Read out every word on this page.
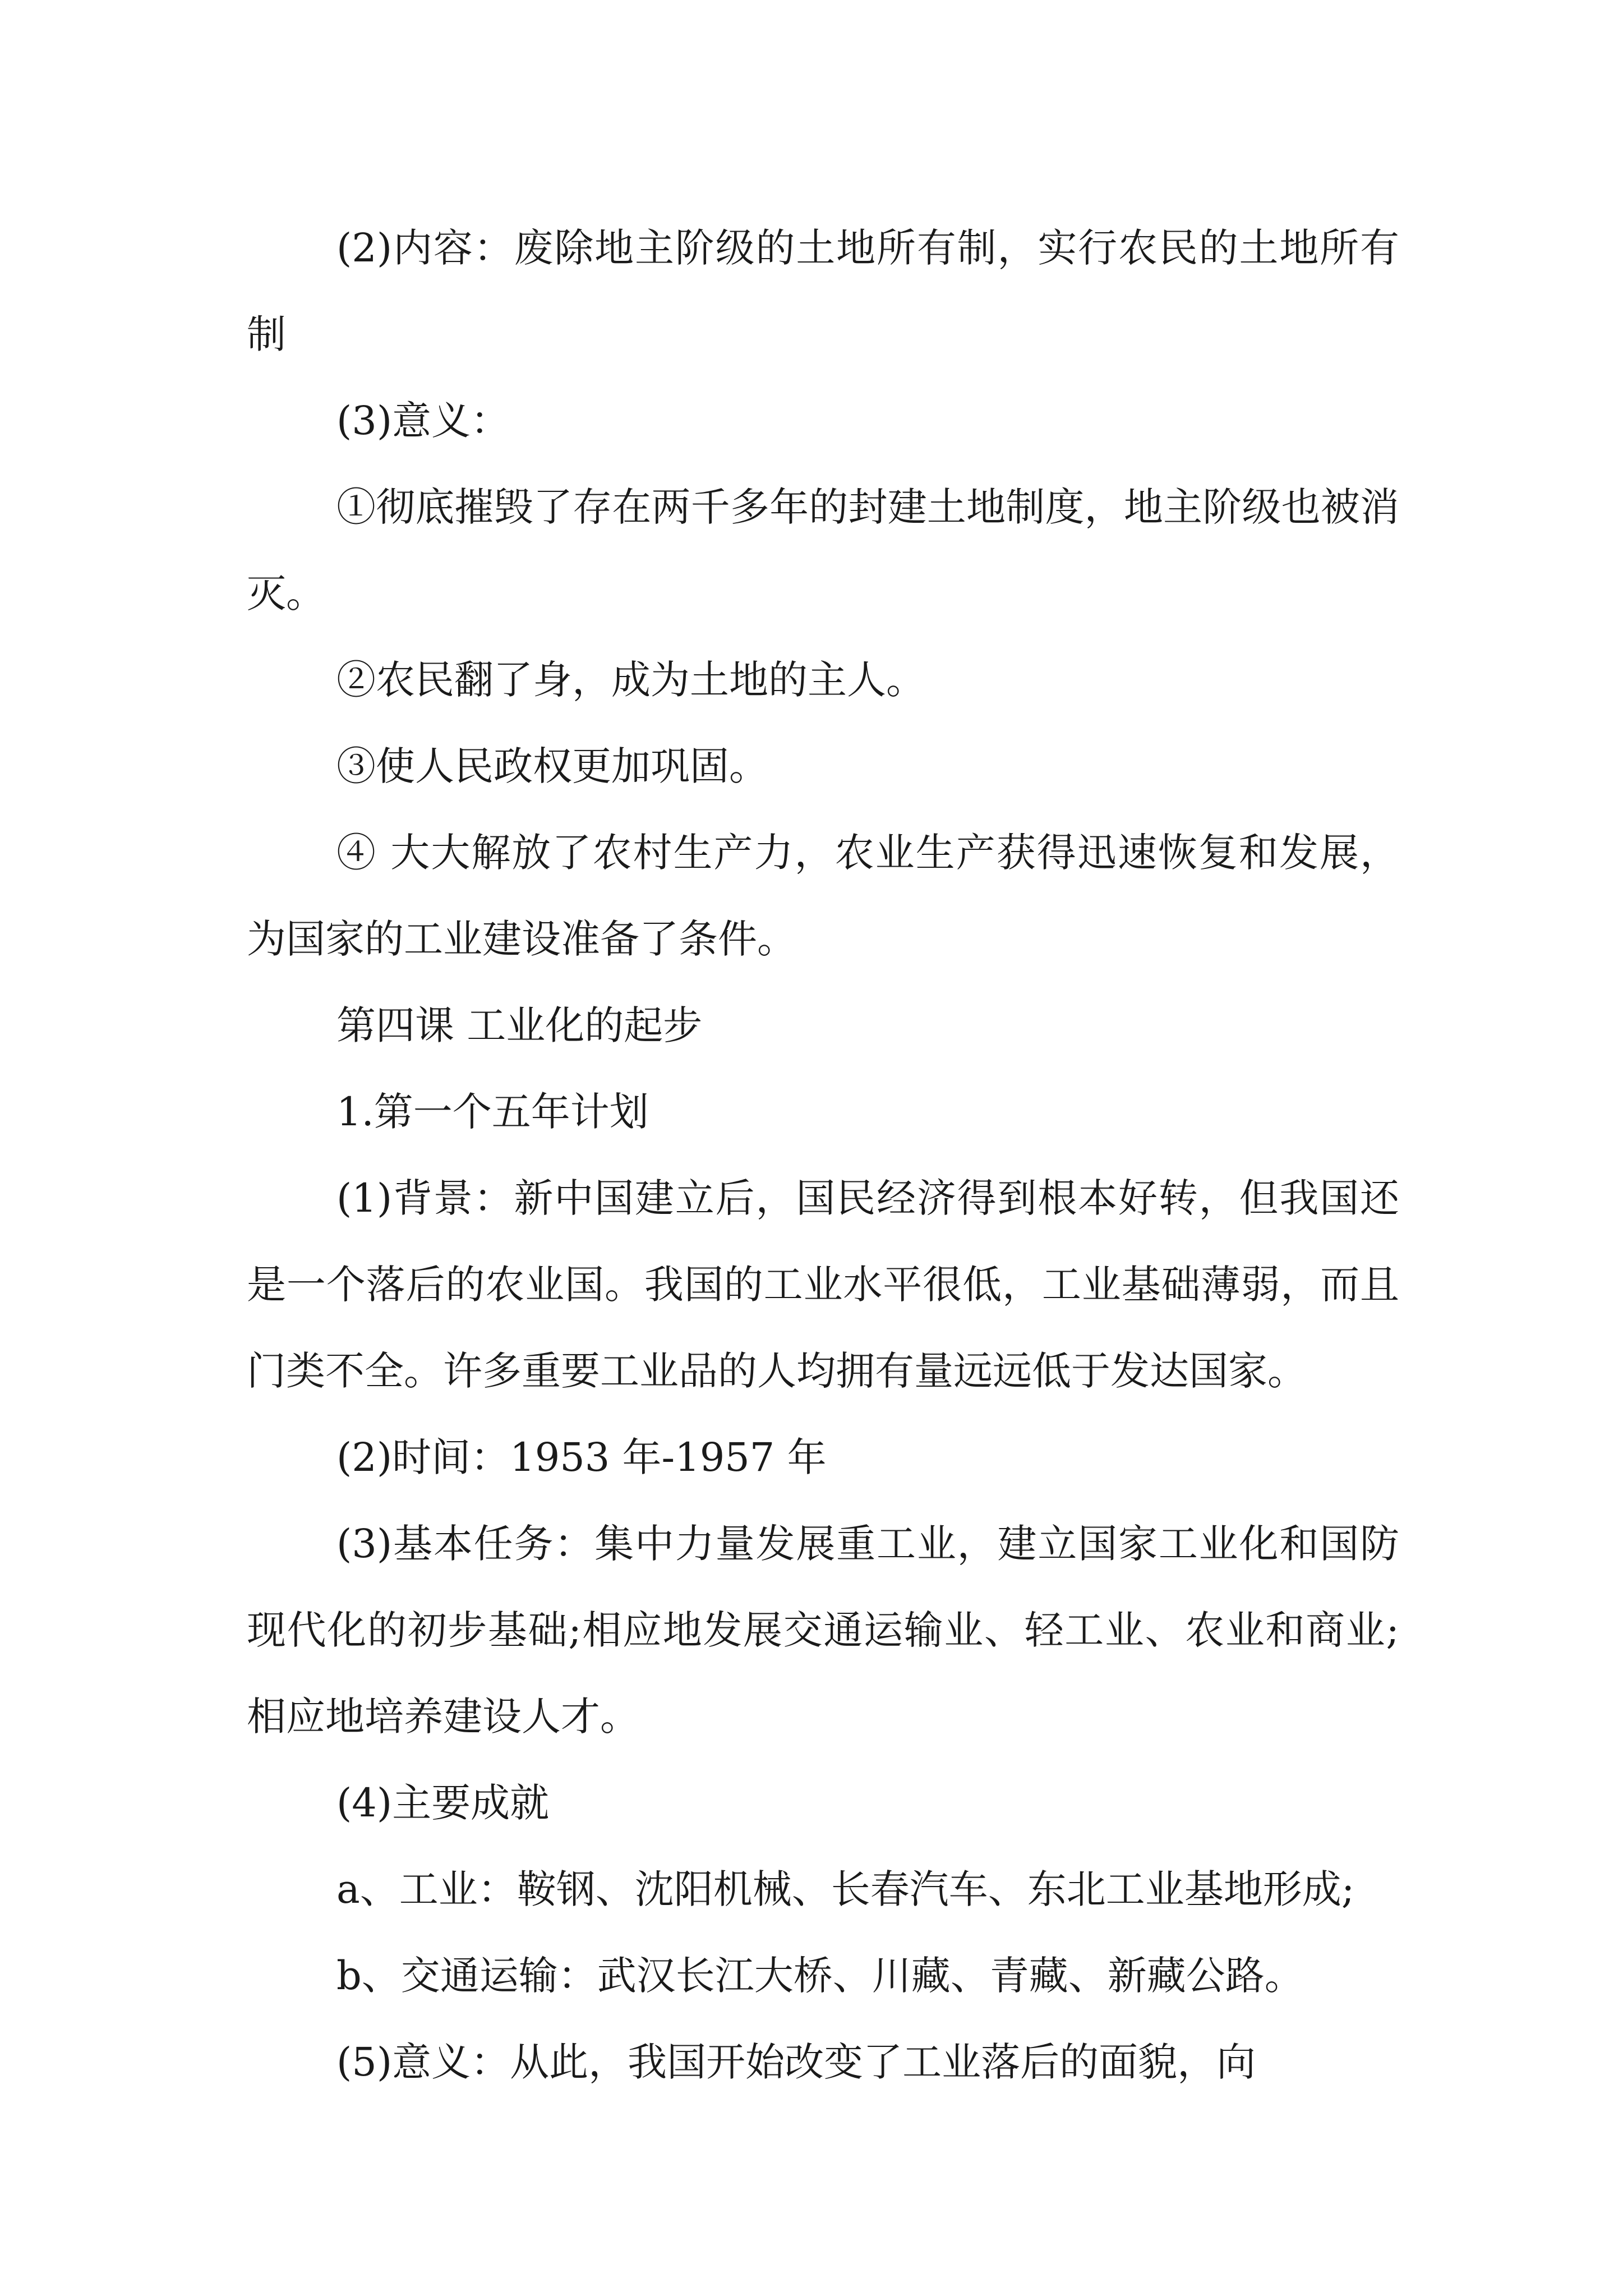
(2)内容：废除地主阶级的土地所有制，实行农民的土地所有制

(3)意义：

①彻底摧毁了存在两千多年的封建土地制度，地主阶级也被消灭。

②农民翻了身，成为土地的主人。

③使人民政权更加巩固。

④ 大大解放了农村生产力，农业生产获得迅速恢复和发展，为国家的工业建设准备了条件。

第四课 工业化的起步

1.第一个五年计划

(1)背景：新中国建立后，国民经济得到根本好转，但我国还是一个落后的农业国。我国的工业水平很低，工业基础薄弱，而且门类不全。许多重要工业品的人均拥有量远远低于发达国家。

(2)时间：1953 年-1957 年

(3)基本任务：集中力量发展重工业，建立国家工业化和国防现代化的初步基础;相应地发展交通运输业、轻工业、农业和商业;相应地培养建设人才。

(4)主要成就

a、工业：鞍钢、沈阳机械、长春汽车、东北工业基地形成;

b、交通运输：武汉长江大桥、川藏、青藏、新藏公路。

(5)意义：从此，我国开始改变了工业落后的面貌，向
